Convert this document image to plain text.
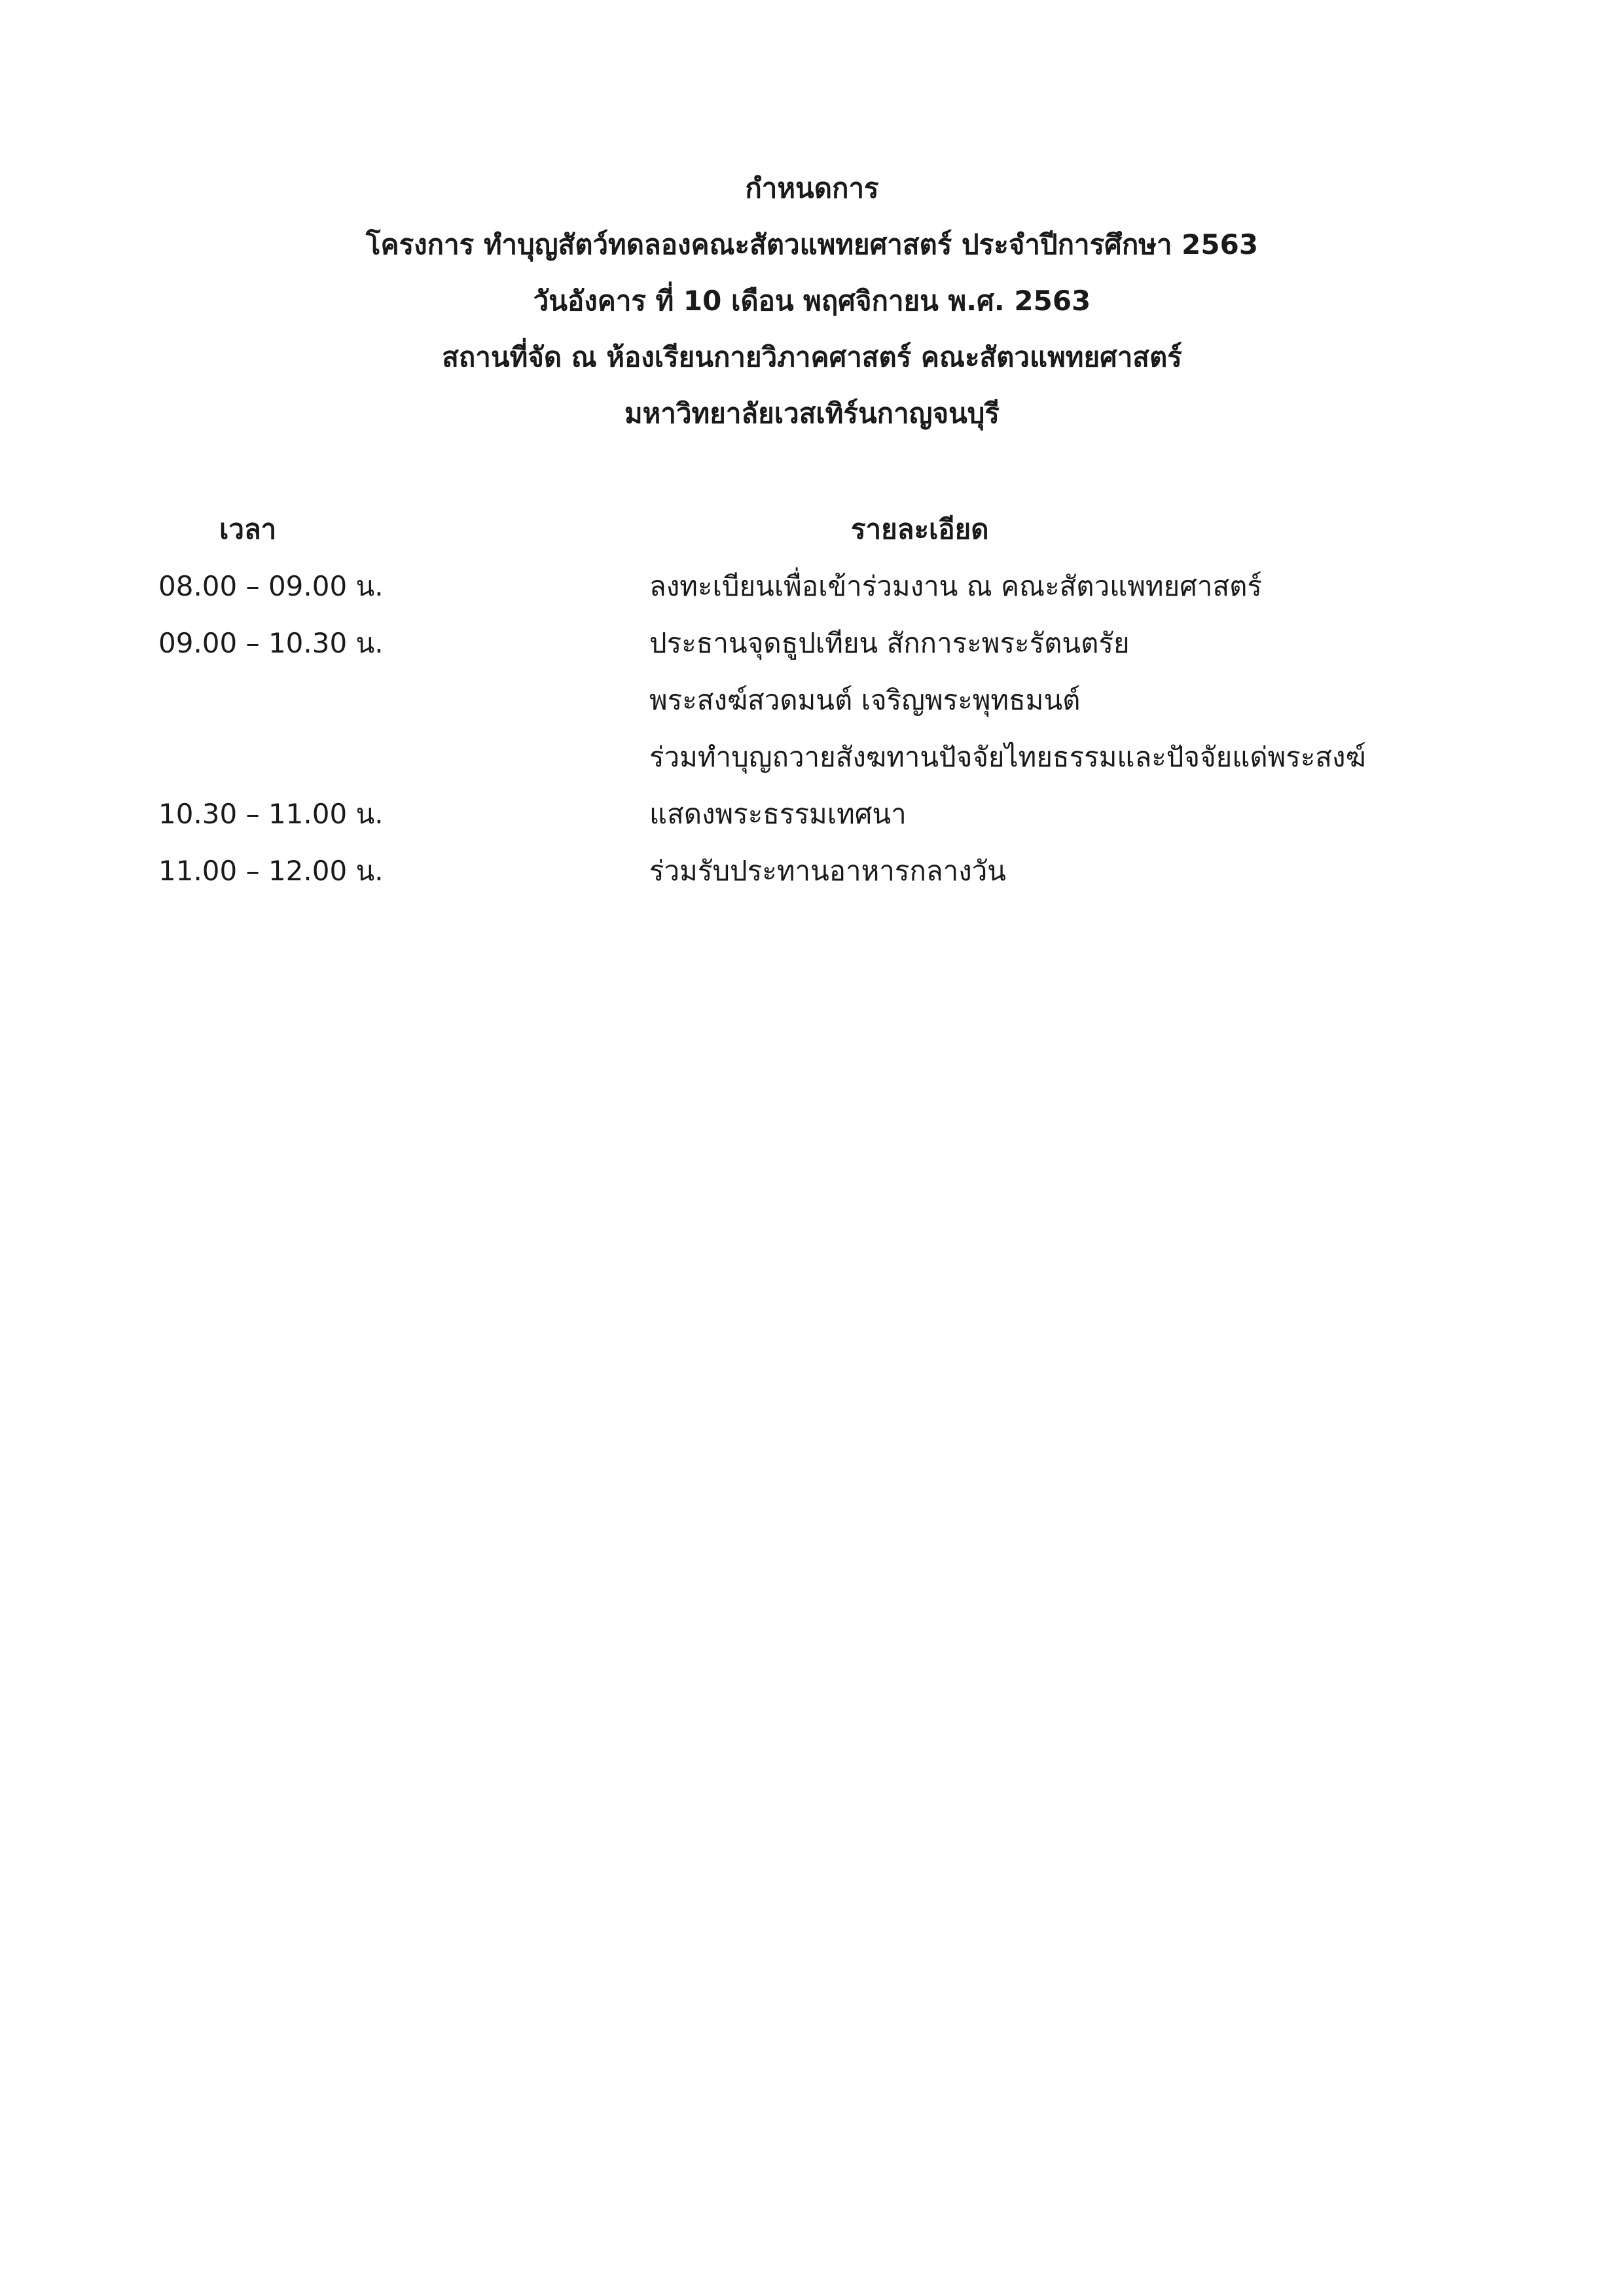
กำหนดการ
โครงการ ทำบุญสัตว์ทดลองคณะสัตวแพทยศาสตร์ ประจำปีการศึกษา 2563
วันอังคาร ที่ 10 เดือน พฤศจิกายน พ.ศ. 2563
สถานที่จัด ณ ห้องเรียนกายวิภาคศาสตร์ คณะสัตวแพทยศาสตร์
มหาวิทยาลัยเวสเทิร์นกาญจนบุรี
เวลา	รายละเอียด
08.00 – 09.00 น.	ลงทะเบียนเพื่อเข้าร่วมงาน ณ คณะสัตวแพทยศาสตร์
09.00 – 10.30 น.	ประธานจุดธูปเทียน สักการะพระรัตนตรัย
พระสงฆ์สวดมนต์ เจริญพระพุทธมนต์
ร่วมทำบุญถวายสังฆทานปัจจัยไทยธรรมและปัจจัยแด่พระสงฆ์
10.30 – 11.00 น.	แสดงพระธรรมเทศนา
11.00 – 12.00 น.	ร่วมรับประทานอาหารกลางวัน
